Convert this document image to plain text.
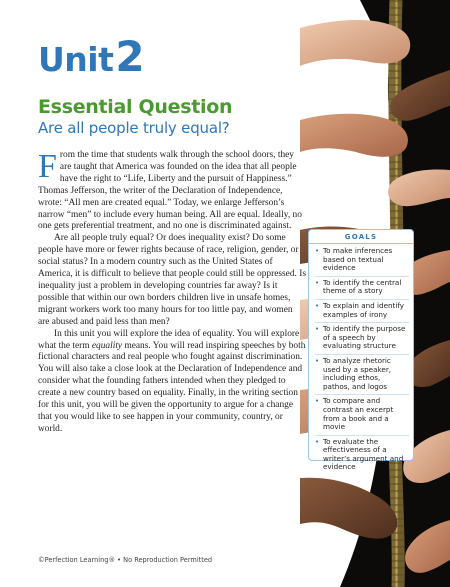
Unit2
Essential Question
Are all people truly equal?

From the time that students walk through the school doors, they are taught that America was founded on the idea that all people have the right to “Life, Liberty and the pursuit of Happiness.” Thomas Jefferson, the writer of the Declaration of Independence, wrote: “All men are created equal.” Today, we enlarge Jefferson’s narrow “men” to include every human being. All are equal. Ideally, no one gets preferential treatment, and no one is discriminated against.

Are all people truly equal? Or does inequality exist? Do some people have more or fewer rights because of race, religion, gender, or social status? In a modern country such as the United States of America, it is difficult to believe that people could still be oppressed. Is inequality just a problem in developing countries far away? Is it possible that within our own borders children live in unsafe homes, migrant workers work too many hours for too little pay, and women are abused and paid less than men?

In this unit you will explore the idea of equality. You will explore what the term equality means. You will read inspiring speeches by both fictional characters and real people who fought against discrimination. You will also take a close look at the Declaration of Independence and consider what the founding fathers intended when they pledged to create a new country based on equality. Finally, in the writing section for this unit, you will be given the opportunity to argue for a change that you would like to see happen in your community, country, or world.

GOALS
• To make inferences based on textual evidence
• To identify the central theme of a story
• To explain and identify examples of irony
• To identify the purpose of a speech by evaluating structure
• To analyze rhetoric used by a speaker, including ethos, pathos, and logos
• To compare and contrast an excerpt from a book and a movie
• To evaluate the effectiveness of a writer’s argument and evidence
©Perfection Learning® • No Reproduction Permitted
